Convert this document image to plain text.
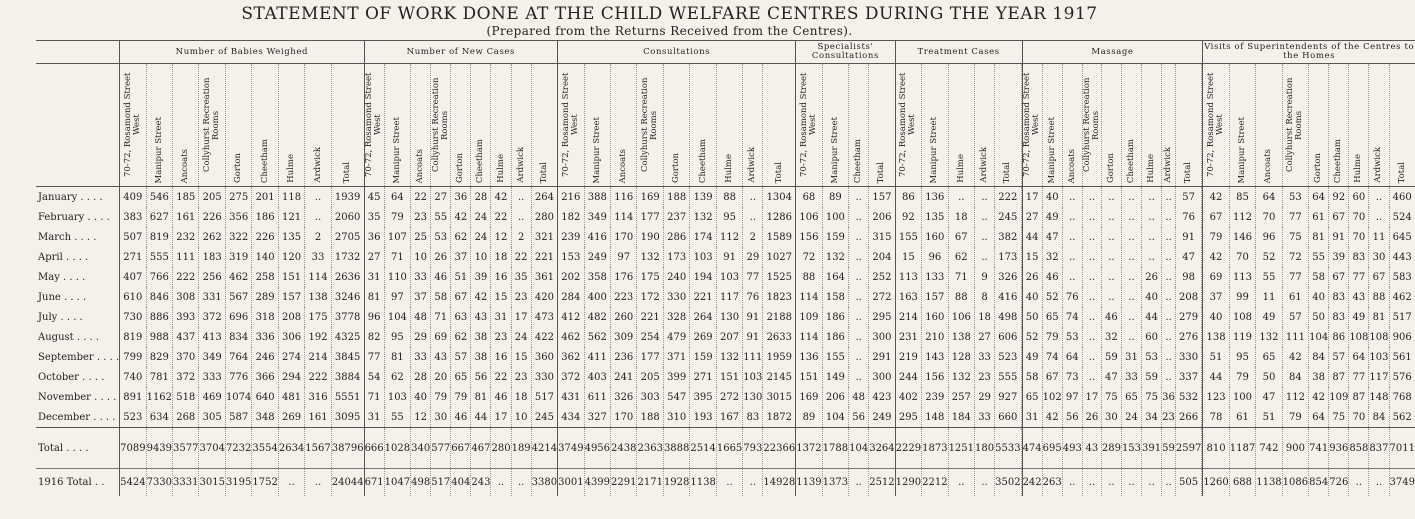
STATEMENT OF WORK DONE AT THE CHILD WELFARE CENTRES DURING THE YEAR 1917
(Prepared from the Returns Received from the Centres).
	Number of Babies Weighed									Number of New Cases									Consultations									Specialists' Consultations				Treatment Cases					Massage									Visits of Superintendents of the Centres to the Homes								
	70-72, Rosamond Street West	Manipur Street	Ancoats	Collyhurst Recreation Rooms	Gorton	Cheetham	Hulme	Ardwick	Total	70-72, Rosamond Street West	Manipur Street	Ancoats	Collyhurst Recreation Rooms	Gorton	Cheetham	Hulme	Ardwick	Total	70-72, Rosamond Street West	Manipur Street	Ancoats	Collyhurst Recreation Rooms	Gorton	Cheetham	Hulme	Ardwick	Total	70-72, Rosamond Street West	Manipur Street	Cheetham	Total	70-72, Rosamond Street West	Manipur Street	Hulme	Ardwick	Total		70-72, Rosamond Street West	Manipur Street	Ancoats	Collyhurst Recreation Rooms	Gorton	Cheetham	Hulme	Ardwick	Total		70-72, Rosamond Street West	Manipur Street	Ancoats	Collyhurst Recreation Rooms	Gorton	Cheetham	Hulme	Ardwick	Total
January . . . .	409	546	185	205	275	201	118	..	1939	45	64	22	27	36	28	42	..	264	216	388	116	169	188	139	88	..	1304	68	89	..	157	86	136	..	..	222		17	40	..	..	..	..	..	..	57		42	85	64	53	64	92	60	..	460
February . . . .	383	627	161	226	356	186	121	..	2060	35	79	23	55	42	24	22	..	280	182	349	114	177	237	132	95	..	1286	106	100	..	206	92	135	18	..	245		27	49	..	..	..	..	..	..	76		67	112	70	77	61	67	70	..	524
March . . . .	507	819	232	262	322	226	135	2	2705	36	107	25	53	62	24	12	2	321	239	416	170	190	286	174	112	2	1589	156	159	..	315	155	160	67	..	382		44	47	..	..	..	..	..	..	91		79	146	96	75	81	91	70	11	645
April . . . .	271	555	111	183	319	140	120	33	1732	27	71	10	26	37	10	18	22	221	153	249	97	132	173	103	91	29	1027	72	132	..	204	15	96	62	..	173		15	32	..	..	..	..	..	..	47		42	70	52	72	55	39	83	30	443
May . . . .	407	766	222	256	462	258	151	114	2636	31	110	33	46	51	39	16	35	361	202	358	176	175	240	194	103	77	1525	88	164	..	252	113	133	71	9	326		26	46	..	..	..	..	26	..	98		69	113	55	77	58	67	77	67	583
June . . . .	610	846	308	331	567	289	157	138	3246	81	97	37	58	67	42	15	23	420	284	400	223	172	330	221	117	76	1823	114	158	..	272	163	157	88	8	416		40	52	76	..	..	..	40	..	208		37	99	11	61	40	83	43	88	462
July . . . .	730	886	393	372	696	318	208	175	3778	96	104	48	71	63	43	31	17	473	412	482	260	221	328	264	130	91	2188	109	186	..	295	214	160	106	18	498		50	65	74	..	46	..	44	..	279		40	108	49	57	50	83	49	81	517
August . . . .	819	988	437	413	834	336	306	192	4325	82	95	29	69	62	38	23	24	422	462	562	309	254	479	269	207	91	2633	114	186	..	300	231	210	138	27	606		52	79	53	..	32	..	60	..	276		138	119	132	111	104	86	108	108	906
September . . . .	799	829	370	349	764	246	274	214	3845	77	81	33	43	57	38	16	15	360	362	411	236	177	371	159	132	111	1959	136	155	..	291	219	143	128	33	523		49	74	64	..	59	31	53	..	330		51	95	65	42	84	57	64	103	561
October . . . .	740	781	372	333	776	366	294	222	3884	54	62	28	20	65	56	22	23	330	372	403	241	205	399	271	151	103	2145	151	149	..	300	244	156	132	23	555		58	67	73	..	47	33	59	..	337		44	79	50	84	38	87	77	117	576
November . . . .	891	1162	518	469	1074	640	481	316	5551	71	103	40	79	79	81	46	18	517	431	611	326	303	547	395	272	130	3015	169	206	48	423	402	239	257	29	927		65	102	97	17	75	65	75	36	532		123	100	47	112	42	109	87	148	768
December . . . .	523	634	268	305	587	348	269	161	3095	31	55	12	30	46	44	17	10	245	434	327	170	188	310	193	167	83	1872	89	104	56	249	295	148	184	33	660		31	42	56	26	30	24	34	23	266		78	61	51	79	64	75	70	84	562
Total . . . .	7089	9439	3577	3704	7232	3554	2634	1567	38796	666	1028	340	577	667	467	280	189	4214	3749	4956	2438	2363	3888	2514	1665	793	22366	1372	1788	104	3264	2229	1873	1251	180	5533		474	695	493	43	289	153	391	59	2597		810	1187	742	900	741	936	858	837	7011
1916 Total . .	5424	7330	3331	3015	3195	1752	..	..	24044	671	1047	498	517	404	243	..	..	3380	3001	4399	2291	2171	1928	1138	..	..	14928	1139	1373	..	2512	1290	2212	..	..	3502		242	263	..	..	..	..	..	..	505		1260	688	1138	1086	854	726	..	..	3749
